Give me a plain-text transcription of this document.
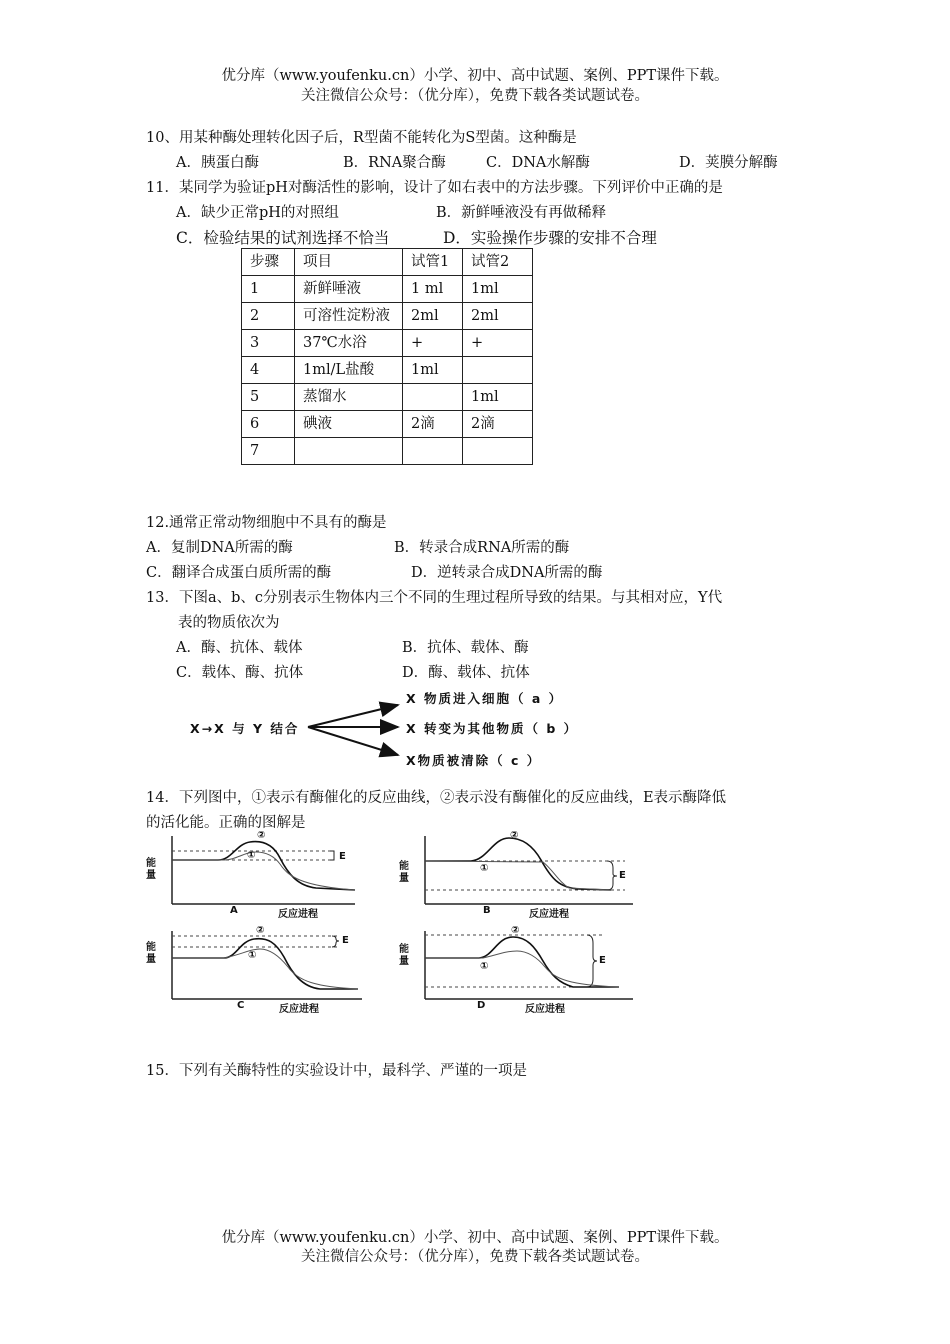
优分库（www.youfenku.cn）小学、初中、高中试题、案例、PPT课件下载。
关注微信公众号：（优分库），免费下载各类试题试卷。
10、用某种酶处理转化因子后，R型菌不能转化为S型菌。这种酶是
A．胰蛋白酶	B．RNA聚合酶	C．DNA水解酶	D．荚膜分解酶
11．某同学为验证pH对酶活性的影响，设计了如右表中的方法步骤。下列评价中正确的是
A．缺少正常pH的对照组	B．新鲜唾液没有再做稀释
C．检验结果的试剂选择不恰当	D．实验操作步骤的安排不合理
步骤	项目	试管1	试管2
1	新鲜唾液	1 ml	1ml
2	可溶性淀粉液	2ml	2ml
3	37℃水浴	+	+
4	1ml/L盐酸	1ml	
5	蒸馏水		1ml
6	碘液	2滴	2滴
7			
12.通常正常动物细胞中不具有的酶是
A．复制DNA所需的酶	B．转录合成RNA所需的酶
C．翻译合成蛋白质所需的酶	D．逆转录合成DNA所需的酶
13．下图a、b、c分别表示生物体内三个不同的生理过程所导致的结果。与其相对应，Y代
表的物质依次为
A．酶、抗体、载体	B．抗体、载体、酶
C．载体、酶、抗体	D．酶、载体、抗体
X→X 与 Y 结合
X 物质进入细胞（ a ）
X 转变为其他物质（ b ）
X物质被清除（ c ）
14．下列图中，①表示有酶催化的反应曲线，②表示没有酶催化的反应曲线，E表示酶降低
的活化能。正确的图解是
能
量
②
①	E
A	反应进程
能
量
②
①
E
B	反应进程
能
量
②
①
E
C	反应进程
能
量
②
①
E
D	反应进程
15．下列有关酶特性的实验设计中，最科学、严谨的一项是
优分库（www.youfenku.cn）小学、初中、高中试题、案例、PPT课件下载。
关注微信公众号：（优分库），免费下载各类试题试卷。
